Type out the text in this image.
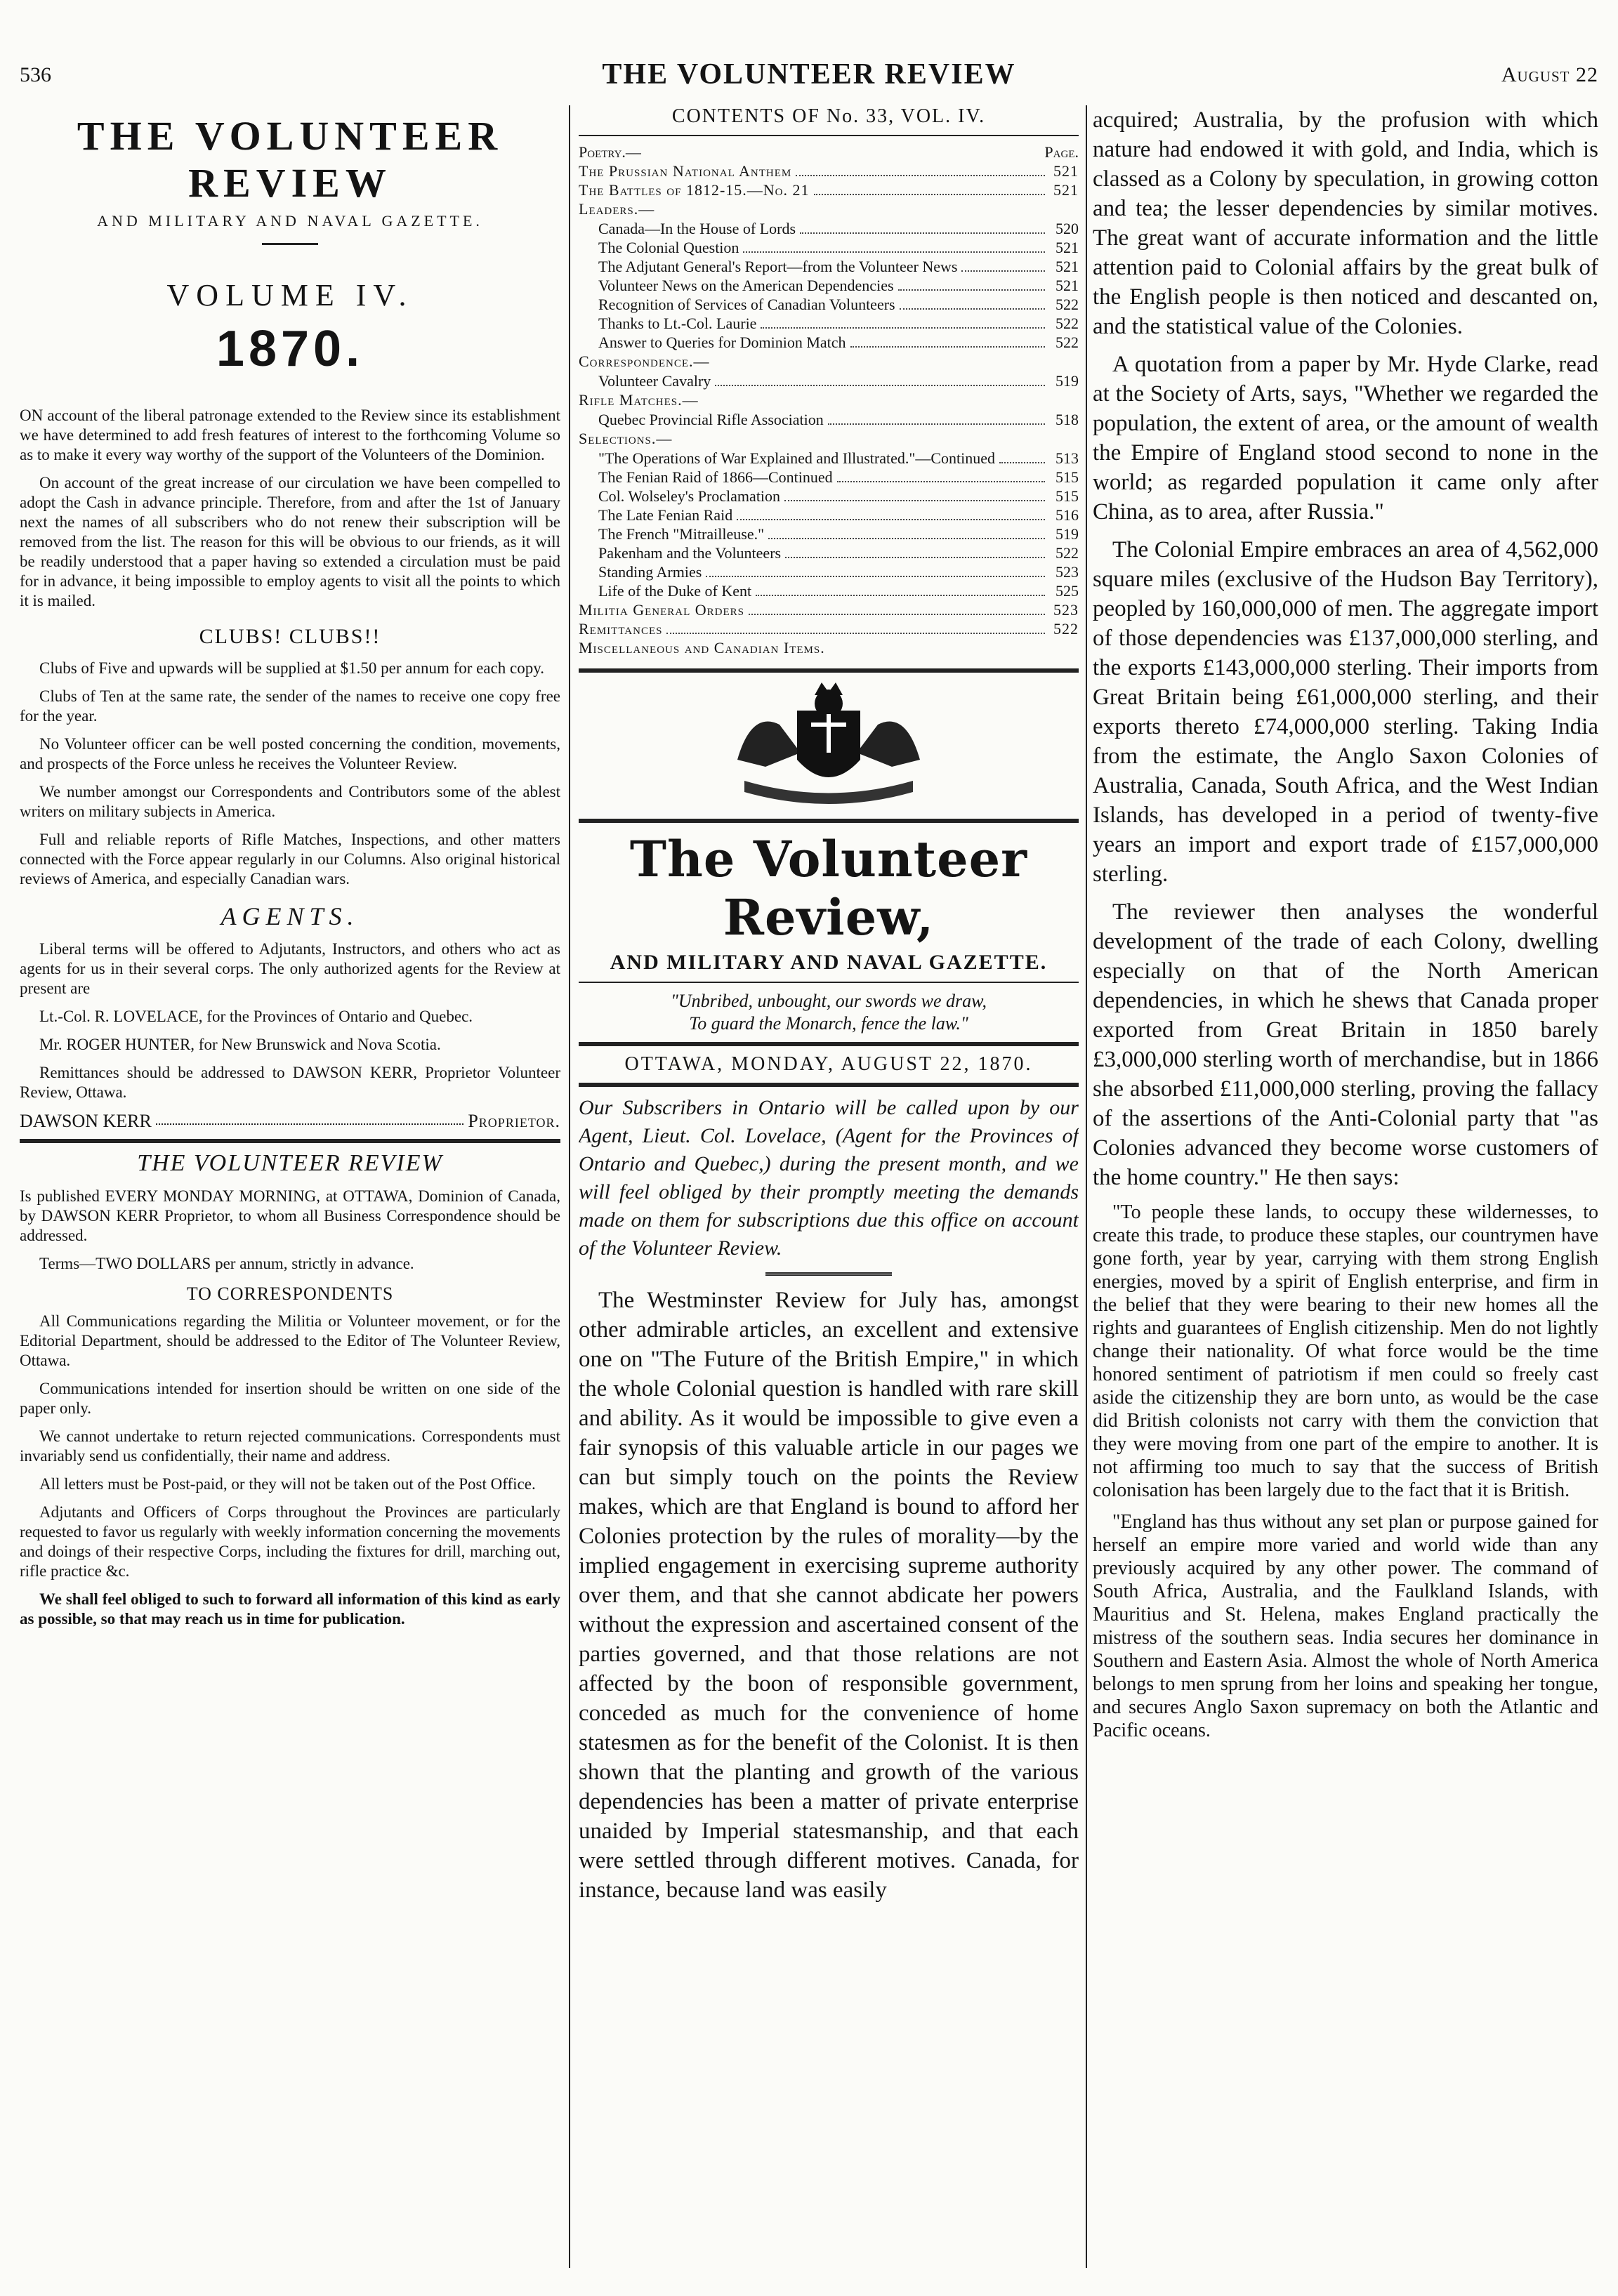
536	THE VOLUNTEER REVIEW	August 22
THE VOLUNTEER REVIEW
AND MILITARY AND NAVAL GAZETTE.
VOLUME IV.
1870.

ON account of the liberal patronage extended to the Review since its establishment we have determined to add fresh features of interest to the forthcoming Volume so as to make it every way worthy of the support of the Volunteers of the Dominion.

On account of the great increase of our circulation we have been compelled to adopt the Cash in advance principle. Therefore, from and after the 1st of January next the names of all subscribers who do not renew their subscription will be removed from the list. The reason for this will be obvious to our friends, as it will be readily understood that a paper having so extended a circulation must be paid for in advance, it being impossible to employ agents to visit all the points to which it is mailed.

CLUBS! CLUBS!!

Clubs of Five and upwards will be supplied at $1.50 per annum for each copy.

Clubs of Ten at the same rate, the sender of the names to receive one copy free for the year.

No Volunteer officer can be well posted concerning the condition, movements, and prospects of the Force unless he receives the Volunteer Review.

We number amongst our Correspondents and Contributors some of the ablest writers on military subjects in America.

Full and reliable reports of Rifle Matches, Inspections, and other matters connected with the Force appear regularly in our Columns. Also original historical reviews of America, and especially Canadian wars.

AGENTS.

Liberal terms will be offered to Adjutants, Instructors, and others who act as agents for us in their several corps. The only authorized agents for the Review at present are

Lt.-Col. R. LOVELACE, for the Provinces of Ontario and Quebec.

Mr. ROGER HUNTER, for New Brunswick and Nova Scotia.

Remittances should be addressed to DAWSON KERR, Proprietor Volunteer Review, Ottawa.

DAWSON KERR	Proprietor.
THE VOLUNTEER REVIEW

Is published EVERY MONDAY MORNING, at OTTAWA, Dominion of Canada, by DAWSON KERR Proprietor, to whom all Business Correspondence should be addressed.

Terms—TWO DOLLARS per annum, strictly in advance.

TO CORRESPONDENTS

All Communications regarding the Militia or Volunteer movement, or for the Editorial Department, should be addressed to the Editor of The Volunteer Review, Ottawa.

Communications intended for insertion should be written on one side of the paper only.

We cannot undertake to return rejected communications. Correspondents must invariably send us confidentially, their name and address.

All letters must be Post-paid, or they will not be taken out of the Post Office.

Adjutants and Officers of Corps throughout the Provinces are particularly requested to favor us regularly with weekly information concerning the movements and doings of their respective Corps, including the fixtures for drill, marching out, rifle practice &c.

We shall feel obliged to such to forward all information of this kind as early as possible, so that may reach us in time for publication.

CONTENTS OF No. 33, VOL. IV.
Poetry.—	Page.
The Prussian National Anthem	521
The Battles of 1812-15.—No. 21	521
Leaders.—
Canada—In the House of Lords	520
The Colonial Question	521
The Adjutant General's Report—from the Volunteer News	521
Volunteer News on the American Dependencies	521
Recognition of Services of Canadian Volunteers	522
Thanks to Lt.-Col. Laurie	522
Answer to Queries for Dominion Match	522
Correspondence.—
Volunteer Cavalry	519
Rifle Matches.—
Quebec Provincial Rifle Association	518
Selections.—
"The Operations of War Explained and Illustrated."—Continued	513
The Fenian Raid of 1866—Continued	515
Col. Wolseley's Proclamation	515
The Late Fenian Raid	516
The French "Mitrailleuse."	519
Pakenham and the Volunteers	522
Standing Armies	523
Life of the Duke of Kent	525
Militia General Orders	523
Remittances	522
Miscellaneous and Canadian Items.
The Volunteer Review,
AND MILITARY AND NAVAL GAZETTE.
"Unbribed, unbought, our swords we draw,
To guard the Monarch, fence the law."
OTTAWA, MONDAY, AUGUST 22, 1870.

Our Subscribers in Ontario will be called upon by our Agent, Lieut. Col. Lovelace, (Agent for the Provinces of Ontario and Quebec,) during the present month, and we will feel obliged by their promptly meeting the demands made on them for subscriptions due this office on account of the Volunteer Review.

The Westminster Review for July has, amongst other admirable articles, an excellent and extensive one on "The Future of the British Empire," in which the whole Colonial question is handled with rare skill and ability. As it would be impossible to give even a fair synopsis of this valuable article in our pages we can but simply touch on the points the Review makes, which are that England is bound to afford her Colonies protection by the rules of morality—by the implied engagement in exercising supreme authority over them, and that she cannot abdicate her powers without the expression and ascertained consent of the parties governed, and that those relations are not affected by the boon of responsible government, conceded as much for the convenience of home statesmen as for the benefit of the Colonist. It is then shown that the planting and growth of the various dependencies has been a matter of private enterprise unaided by Imperial statesmanship, and that each were settled through different motives. Canada, for instance, because land was easily

acquired; Australia, by the profusion with which nature had endowed it with gold, and India, which is classed as a Colony by speculation, in growing cotton and tea; the lesser dependencies by similar motives. The great want of accurate information and the little attention paid to Colonial affairs by the great bulk of the English people is then noticed and descanted on, and the statistical value of the Colonies.

A quotation from a paper by Mr. Hyde Clarke, read at the Society of Arts, says, "Whether we regarded the population, the extent of area, or the amount of wealth the Empire of England stood second to none in the world; as regarded population it came only after China, as to area, after Russia."

The Colonial Empire embraces an area of 4,562,000 square miles (exclusive of the Hudson Bay Territory), peopled by 160,000,000 of men. The aggregate import of those dependencies was £137,000,000 sterling, and the exports £143,000,000 sterling. Their imports from Great Britain being £61,000,000 sterling, and their exports thereto £74,000,000 sterling. Taking India from the estimate, the Anglo Saxon Colonies of Australia, Canada, South Africa, and the West Indian Islands, has developed in a period of twenty-five years an import and export trade of £157,000,000 sterling.

The reviewer then analyses the wonderful development of the trade of each Colony, dwelling especially on that of the North American dependencies, in which he shews that Canada proper exported from Great Britain in 1850 barely £3,000,000 sterling worth of merchandise, but in 1866 she absorbed £11,000,000 sterling, proving the fallacy of the assertions of the Anti-Colonial party that "as Colonies advanced they become worse customers of the home country." He then says:

"To people these lands, to occupy these wildernesses, to create this trade, to produce these staples, our countrymen have gone forth, year by year, carrying with them strong English energies, moved by a spirit of English enterprise, and firm in the belief that they were bearing to their new homes all the rights and guarantees of English citizenship. Men do not lightly change their nationality. Of what force would be the time honored sentiment of patriotism if men could so freely cast aside the citizenship they are born unto, as would be the case did British colonists not carry with them the conviction that they were moving from one part of the empire to another. It is not affirming too much to say that the success of British colonisation has been largely due to the fact that it is British.

"England has thus without any set plan or purpose gained for herself an empire more varied and world wide than any previously acquired by any other power. The command of South Africa, Australia, and the Faulkland Islands, with Mauritius and St. Helena, makes England practically the mistress of the southern seas. India secures her dominance in Southern and Eastern Asia. Almost the whole of North America belongs to men sprung from her loins and speaking her tongue, and secures Anglo Saxon supremacy on both the Atlantic and Pacific oceans.
